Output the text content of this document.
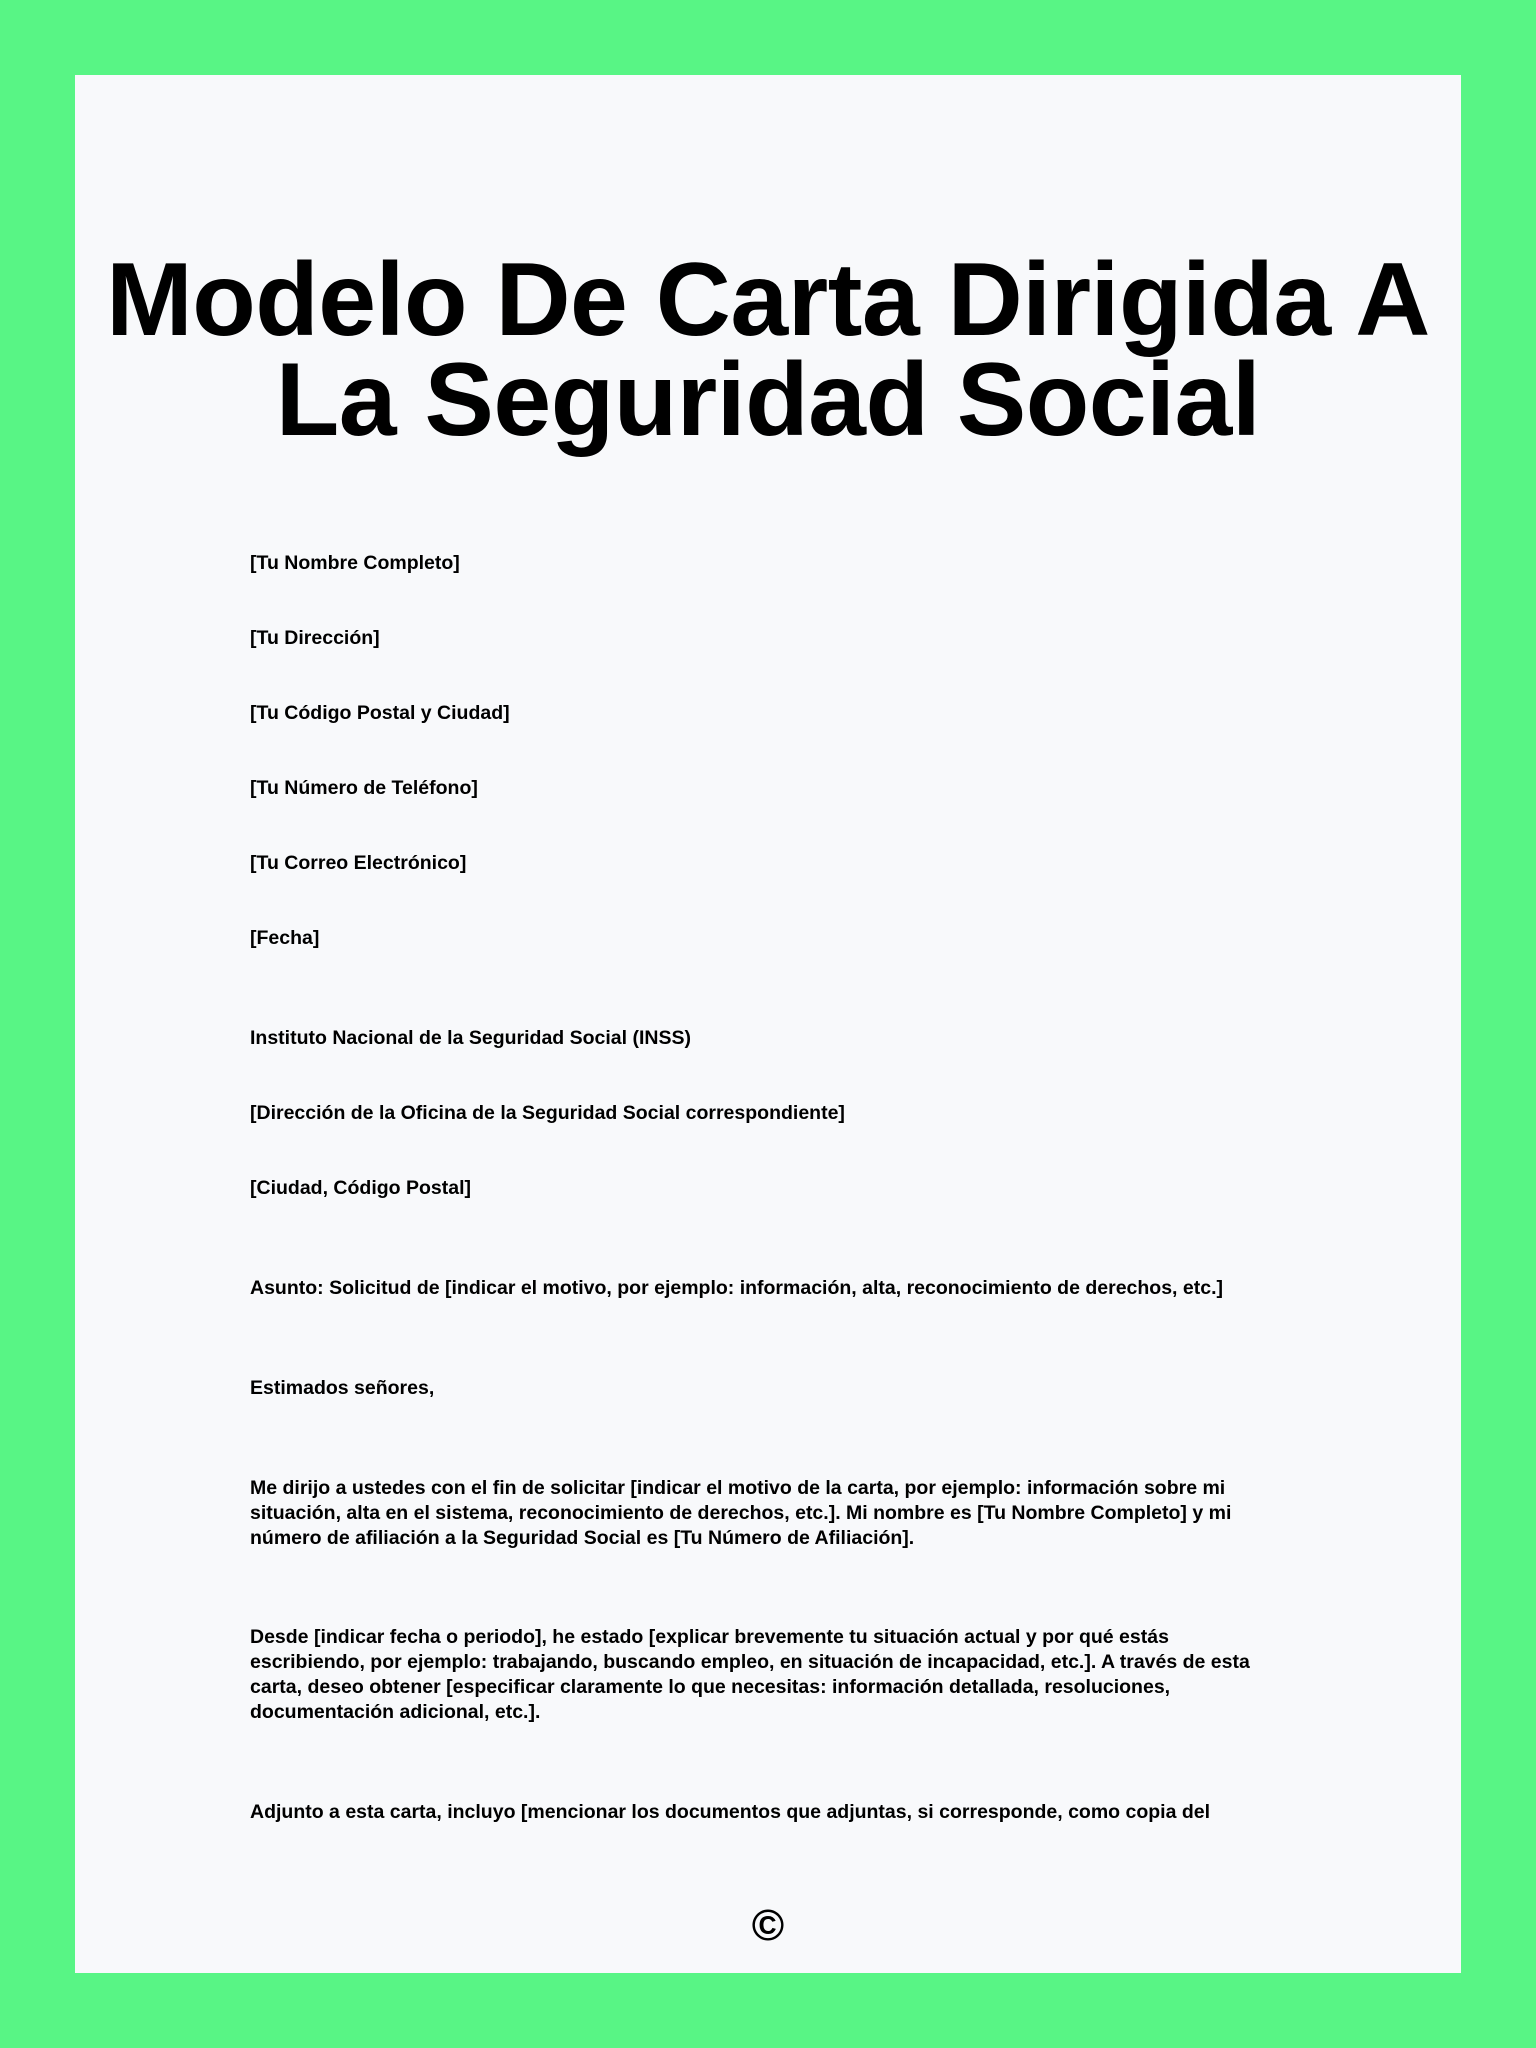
Modelo De Carta Dirigida A
La Seguridad Social

[Tu Nombre Completo]

[Tu Dirección]

[Tu Código Postal y Ciudad]

[Tu Número de Teléfono]

[Tu Correo Electrónico]

[Fecha]

Instituto Nacional de la Seguridad Social (INSS)

[Dirección de la Oficina de la Seguridad Social correspondiente]

[Ciudad, Código Postal]

Asunto: Solicitud de [indicar el motivo, por ejemplo: información, alta, reconocimiento de derechos, etc.]

Estimados señores,

Me dirijo a ustedes con el fin de solicitar [indicar el motivo de la carta, por ejemplo: información sobre mi situación, alta en el sistema, reconocimiento de derechos, etc.]. Mi nombre es [Tu Nombre Completo] y mi número de afiliación a la Seguridad Social es [Tu Número de Afiliación].

Desde [indicar fecha o periodo], he estado [explicar brevemente tu situación actual y por qué estás escribiendo, por ejemplo: trabajando, buscando empleo, en situación de incapacidad, etc.]. A través de esta carta, deseo obtener [especificar claramente lo que necesitas: información detallada, resoluciones, documentación adicional, etc.].

Adjunto a esta carta, incluyo [mencionar los documentos que adjuntas, si corresponde, como copia del

©
